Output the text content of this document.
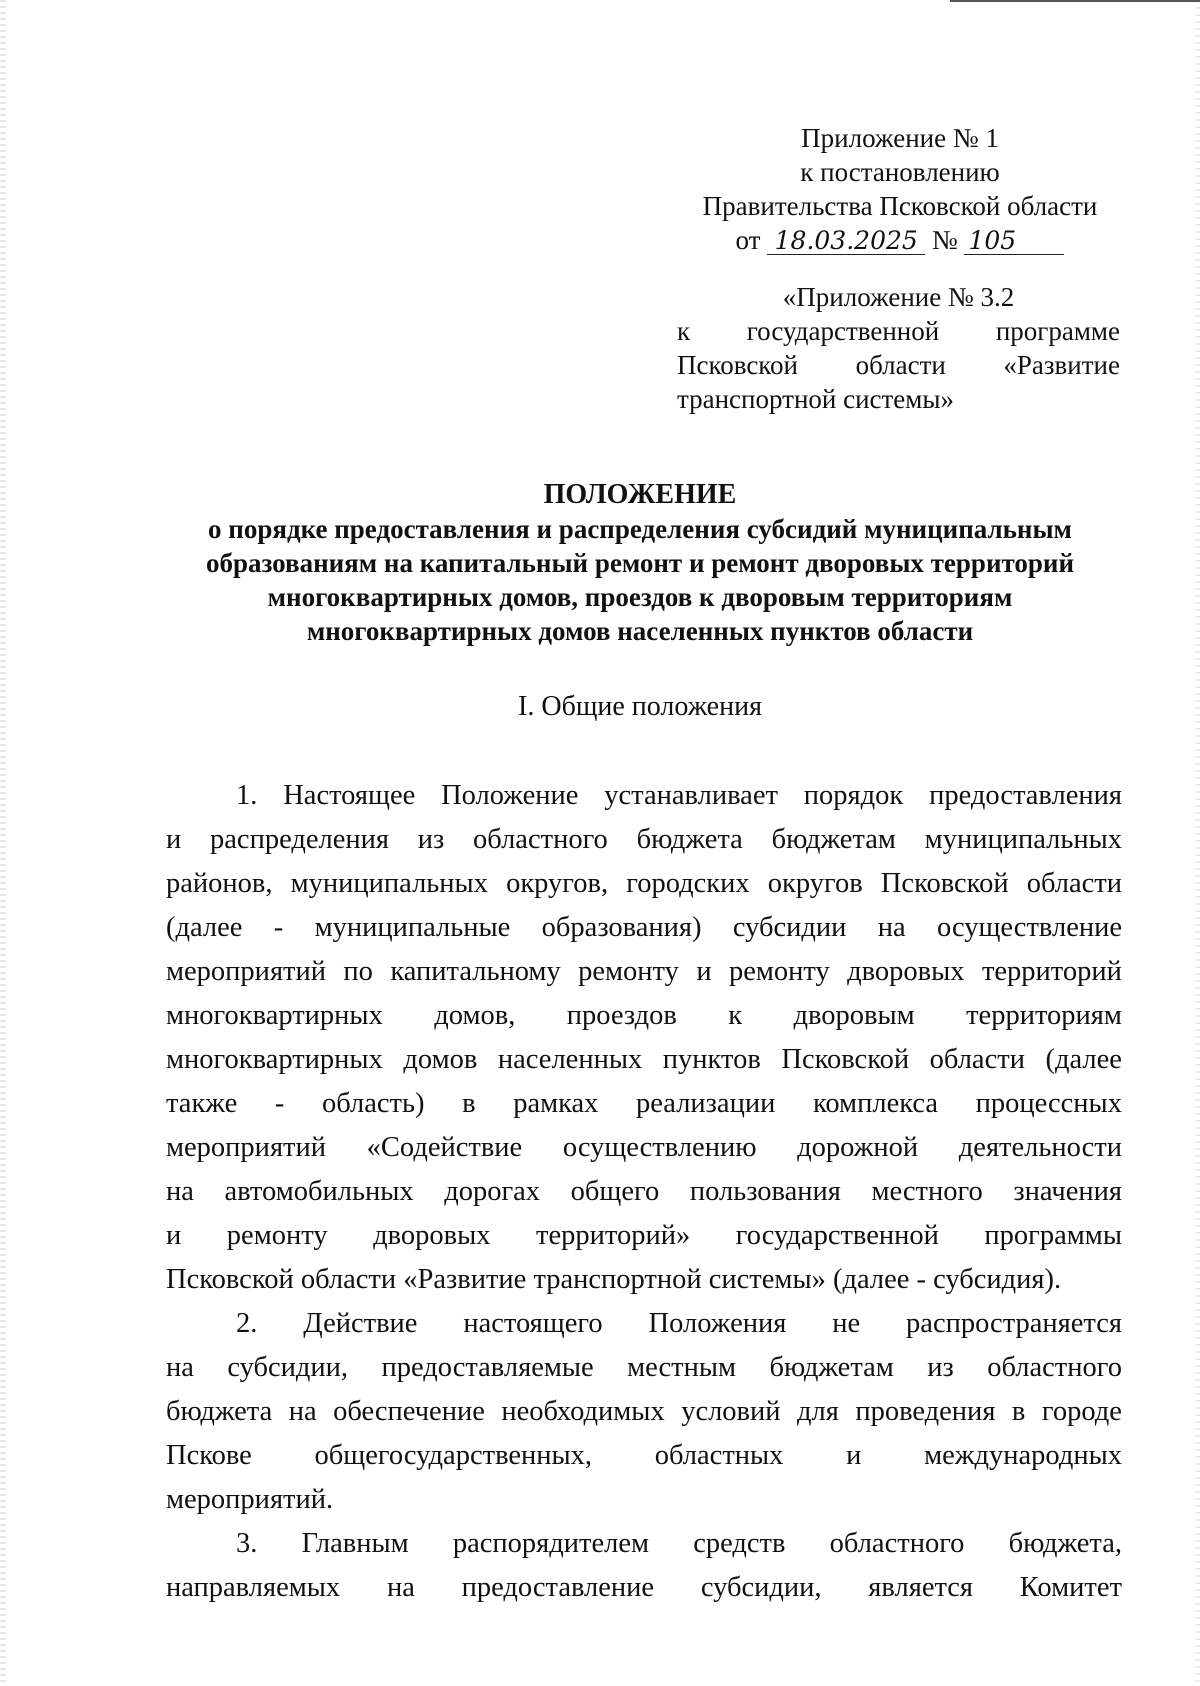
Приложение № 1
к постановлению
Правительства Псковской области
от 18.03.2025 № 105
«Приложение № 3.2
к государственной программе
Псковской области «Развитие
транспортной системы»
ПОЛОЖЕНИЕ
о порядке предоставления и распределения субсидий муниципальным
образованиям на капитальный ремонт и ремонт дворовых территорий
многоквартирных домов, проездов к дворовым территориям
многоквартирных домов населенных пунктов области
I. Общие положения
1. Настоящее Положение устанавливает порядок предоставления
и распределения из областного бюджета бюджетам муниципальных
районов, муниципальных округов, городских округов Псковской области
(далее - муниципальные образования) субсидии на осуществление
мероприятий по капитальному ремонту и ремонту дворовых территорий
многоквартирных домов, проездов к дворовым территориям
многоквартирных домов населенных пунктов Псковской области (далее
также - область) в рамках реализации комплекса процессных
мероприятий «Содействие осуществлению дорожной деятельности
на автомобильных дорогах общего пользования местного значения
и ремонту дворовых территорий» государственной программы
Псковской области «Развитие транспортной системы» (далее - субсидия).
2. Действие настоящего Положения не распространяется
на субсидии, предоставляемые местным бюджетам из областного
бюджета на обеспечение необходимых условий для проведения в городе
Пскове общегосударственных, областных и международных
мероприятий.
3. Главным распорядителем средств областного бюджета,
направляемых на предоставление субсидии, является Комитет
